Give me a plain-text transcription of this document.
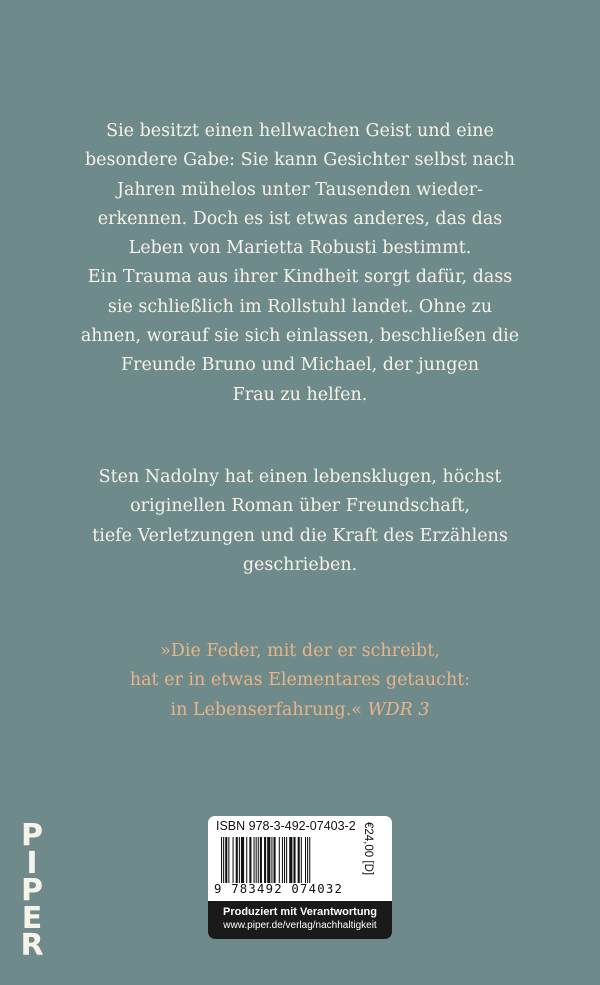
Sie besitzt einen hellwachen Geist und eine
besondere Gabe: Sie kann Gesichter selbst nach
Jahren mühelos unter Tausenden wieder-
erkennen. Doch es ist etwas anderes, das das
Leben von Marietta Robusti bestimmt.
Ein Trauma aus ihrer Kindheit sorgt dafür, dass
sie schließlich im Rollstuhl landet. Ohne zu
ahnen, worauf sie sich einlassen, beschließen die
Freunde Bruno und Michael, der jungen
Frau zu helfen.
Sten Nadolny hat einen lebensklugen, höchst
originellen Roman über Freundschaft,
tiefe Verletzungen und die Kraft des Erzählens
geschrieben.
»Die Feder, mit der er schreibt,
hat er in etwas Elementares getaucht:
in Lebenserfahrung.« WDR 3
P
I
P
E
R
ISBN 978-3-492-07403-2
9 783492 074032
€24,00 [D]
Produziert mit Verantwortung
www.piper.de/verlag/nachhaltigkeit
